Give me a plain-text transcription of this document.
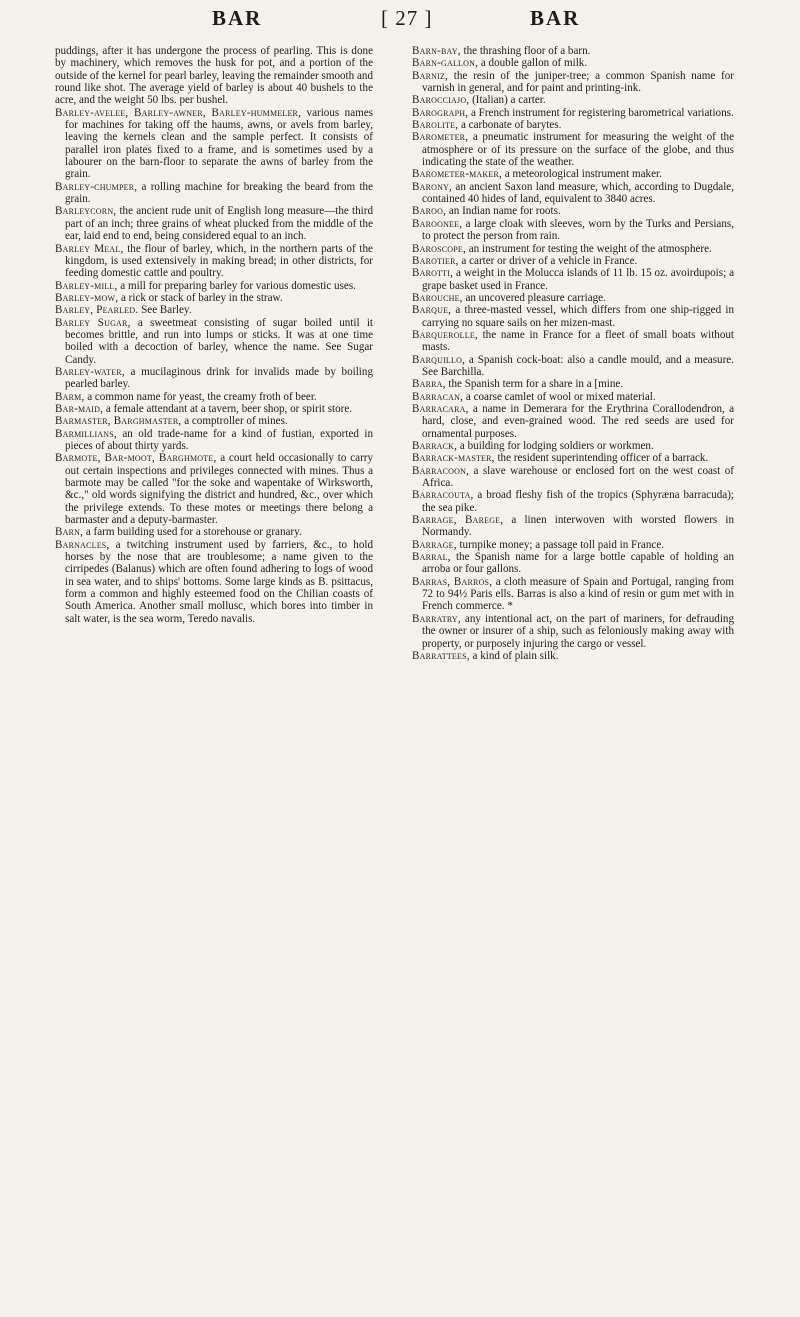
BAR	[ 27 ]	BAR

puddings, after it has undergone the process of pearling. This is done by machinery, which removes the husk for pot, and a portion of the outside of the kernel for pearl barley, leaving the remainder smooth and round like shot. The average yield of barley is about 40 bushels to the acre, and the weight 50 lbs. per bushel.

Barley-avelee, Barley-awner, Barley-hummeler, various names for machines for taking off the haums, awns, or avels from barley, leaving the kernels clean and the sample perfect. It consists of parallel iron plates fixed to a frame, and is sometimes used by a labourer on the barn-floor to separate the awns of barley from the grain.

Barley-chumper, a rolling machine for breaking the beard from the grain.

Barleycorn, the ancient rude unit of English long measure—the third part of an inch; three grains of wheat plucked from the middle of the ear, laid end to end, being considered equal to an inch.

Barley Meal, the flour of barley, which, in the northern parts of the kingdom, is used extensively in making bread; in other districts, for feeding domestic cattle and poultry.

Barley-mill, a mill for preparing barley for various domestic uses.

Barley-mow, a rick or stack of barley in the straw.

Barley, Pearled. See Barley.

Barley Sugar, a sweetmeat consisting of sugar boiled until it becomes brittle, and run into lumps or sticks. It was at one time boiled with a decoction of barley, whence the name. See Sugar Candy.

Barley-water, a mucilaginous drink for invalids made by boiling pearled barley.

Barm, a common name for yeast, the creamy froth of beer.

Bar-maid, a female attendant at a tavern, beer shop, or spirit store.

Barmaster, Barghmaster, a comptroller of mines.

Barmillians, an old trade-name for a kind of fustian, exported in pieces of about thirty yards.

Barmote, Bar-moot, Barghmote, a court held occasionally to carry out certain inspections and privileges connected with mines. Thus a barmote may be called "for the soke and wapentake of Wirksworth, &c.," old words signifying the district and hundred, &c., over which the privilege extends. To these motes or meetings there belong a barmaster and a deputy-barmaster.

Barn, a farm building used for a storehouse or granary.

Barnacles, a twitching instrument used by farriers, &c., to hold horses by the nose that are troublesome; a name given to the cirripedes (Balanus) which are often found adhering to logs of wood in sea water, and to ships' bottoms. Some large kinds as B. psittacus, form a common and highly esteemed food on the Chilian coasts of South America. Another small mollusc, which bores into timber in salt water, is the sea worm, Teredo navalis.

Barn-bay, the thrashing floor of a barn.

Barn-gallon, a double gallon of milk.

Barniz, the resin of the juniper-tree; a common Spanish name for varnish in general, and for paint and printing-ink.

Barocciajo, (Italian) a carter.

Barograph, a French instrument for registering barometrical variations.

Barolite, a carbonate of barytes.

Barometer, a pneumatic instrument for measuring the weight of the atmosphere or of its pressure on the surface of the globe, and thus indicating the state of the weather.

Barometer-maker, a meteorological instrument maker.

Barony, an ancient Saxon land measure, which, according to Dugdale, contained 40 hides of land, equivalent to 3840 acres.

Baroo, an Indian name for roots.

Baroonee, a large cloak with sleeves, worn by the Turks and Persians, to protect the person from rain.

Baroscope, an instrument for testing the weight of the atmosphere.

Barotier, a carter or driver of a vehicle in France.

Barotti, a weight in the Molucca islands of 11 lb. 15 oz. avoirdupois; a grape basket used in France.

Barouche, an uncovered pleasure carriage.

Barque, a three-masted vessel, which differs from one ship-rigged in carrying no square sails on her mizen-mast.

Barquerolle, the name in France for a fleet of small boats without masts.

Barquillo, a Spanish cock-boat: also a candle mould, and a measure. See Barchilla.

Barra, the Spanish term for a share in a [mine.

Barracan, a coarse camlet of wool or mixed material.

Barracara, a name in Demerara for the Erythrina Corallodendron, a hard, close, and even-grained wood. The red seeds are used for ornamental purposes.

Barrack, a building for lodging soldiers or workmen.

Barrack-master, the resident superintending officer of a barrack.

Barracoon, a slave warehouse or enclosed fort on the west coast of Africa.

Barracouta, a broad fleshy fish of the tropics (Sphyræna barracuda); the sea pike.

Barrage, Barege, a linen interwoven with worsted flowers in Normandy.

Barrage, turnpike money; a passage toll paid in France.

Barral, the Spanish name for a large bottle capable of holding an arroba or four gallons.

Barras, Barros, a cloth measure of Spain and Portugal, ranging from 72 to 94½ Paris ells. Barras is also a kind of resin or gum met with in French commerce. *

Barratry, any intentional act, on the part of mariners, for defrauding the owner or insurer of a ship, such as feloniously making away with property, or purposely injuring the cargo or vessel.

Barrattees, a kind of plain silk.
